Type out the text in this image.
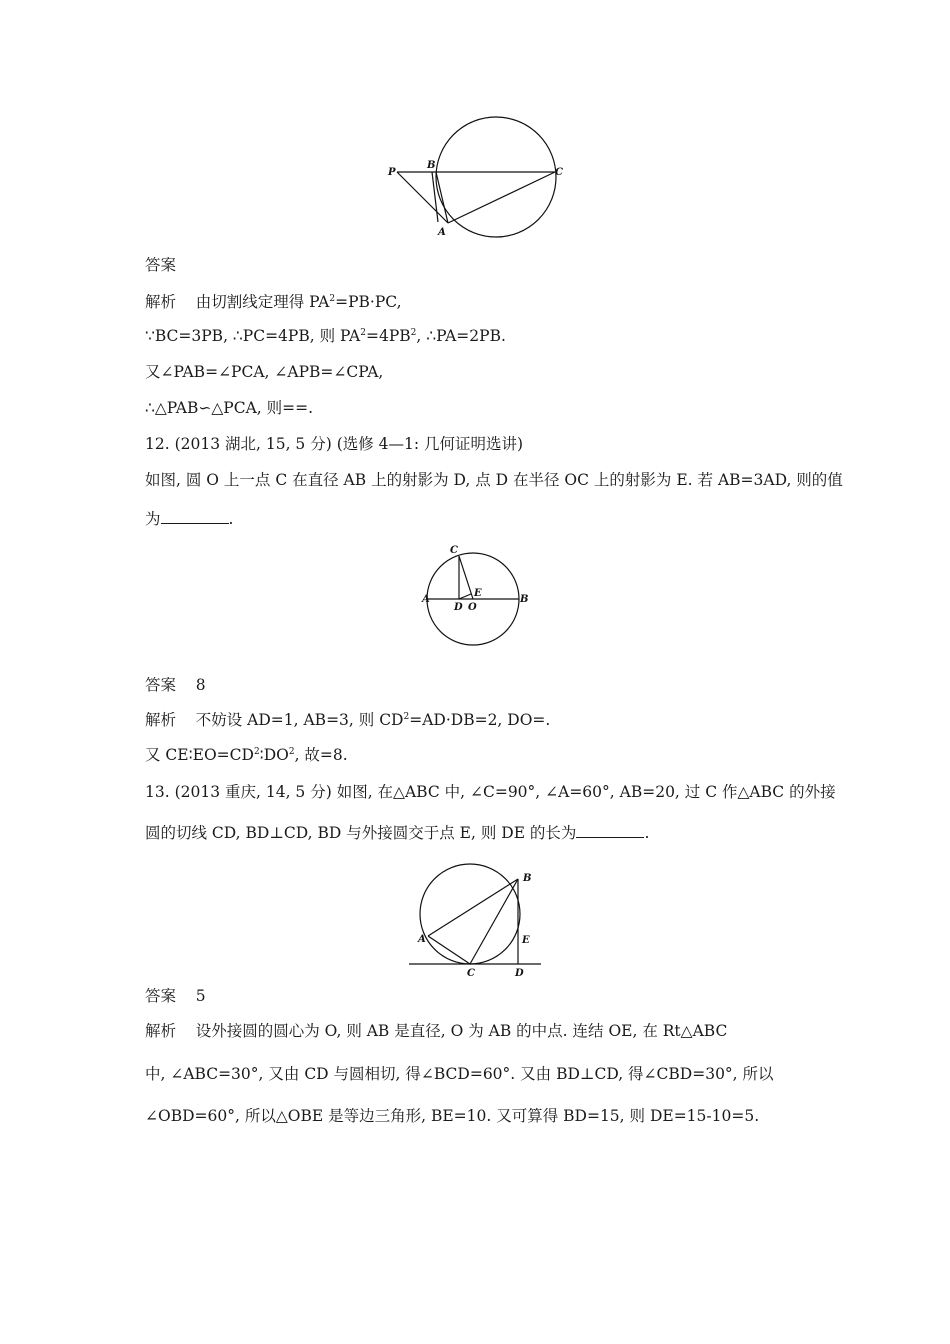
P
B
C
A
答案
解析 由切割线定理得 $PA^2=PB\cdot PC$,
∵BC=3PB, ∴PC=4PB, 则 $PA^2=4PB^2$, ∴PA=2PB.
又∠PAB=∠PCA, ∠APB=∠CPA,
∴△PAB∽△PCA, 则==.
12. (2013 湖北, 15, 5 分) (选修 4—1: 几何证明选讲)
如图, 圆 O 上一点 C 在直径 AB 上的射影为 D, 点 D 在半径 OC 上的射影为 E. 若 AB=3AD, 则的值
为	.
C
E
A
D O
B
答案 8
解析 不妨设 AD=1, AB=3, 则 $CD^2=AD\cdot DB=2$, DO=.
又 $CE∶EO=CD^2∶DO^2$, 故=8.
13. (2013 重庆, 14, 5 分) 如图, 在△ABC 中, ∠C=90°, ∠A=60°, AB=20, 过 C 作△ABC 的外接
圆的切线 CD, BD⊥CD, BD 与外接圆交于点 E, 则 DE 的长为	.
B
A	E
C	D
答案 5
解析 设外接圆的圆心为 O, 则 AB 是直径, O 为 AB 的中点. 连结 OE, 在 Rt△ABC
中, ∠ABC=30°, 又由 CD 与圆相切, 得∠BCD=60°. 又由 BD⊥CD, 得∠CBD=30°, 所以
∠OBD=60°, 所以△OBE 是等边三角形, BE=10. 又可算得 BD=15, 则 DE=15-10=5.
